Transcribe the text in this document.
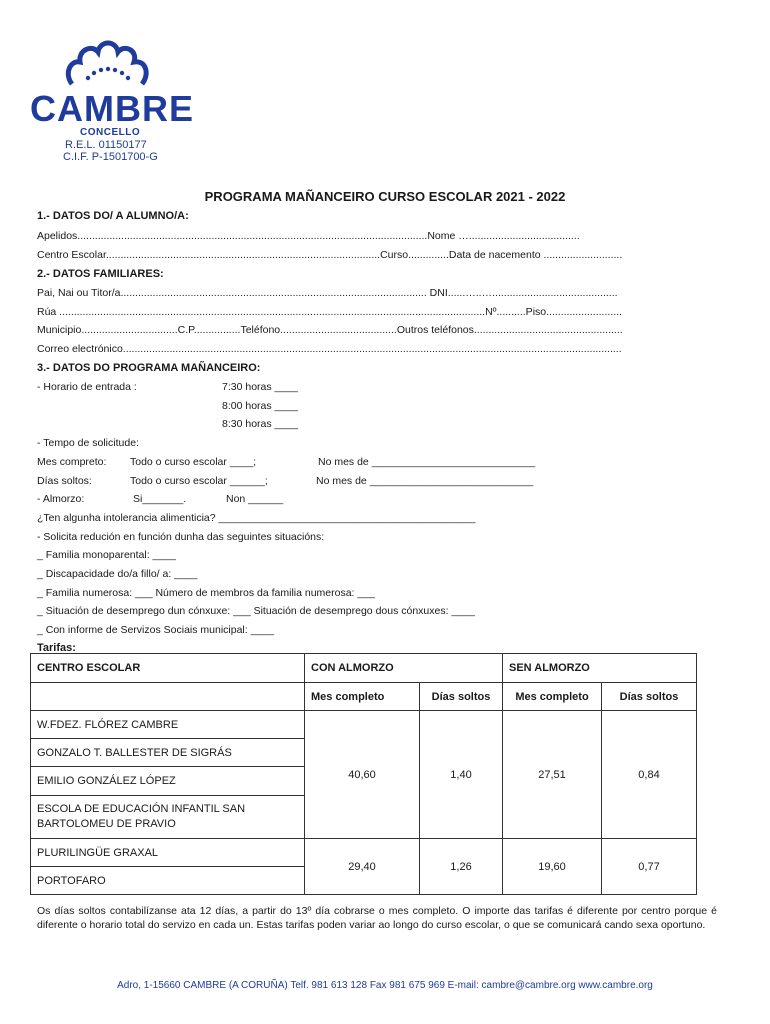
CAMBRE
CONCELLO
R.E.L. 01150177
C.I.F. P-1501700-G
PROGRAMA MAÑANCEIRO CURSO ESCOLAR 2021 - 2022
1.- DATOS DO/ A ALUMNO/A:
Apelidos........................................................................................................................Nome …......................................
Centro Escolar..............................................................................................Curso..............Data de nacemento ...........................
2.- DATOS FAMILIARES:
Pai, Nai ou Titor/a......................................................................................................... DNI......…..…...........................................
Rúa ..................................................................................................................................................Nº..........Piso..........................
Municipio.................................C.P................Teléfono........................................Outros teléfonos...................................................
Correo electrónico...........................................................................................................................................................................
3.- DATOS DO PROGRAMA MAÑANCEIRO:
- Horario de entrada :	7:30 horas ____
8:00 horas ____
8:30 horas ____
- Tempo de solicitude:
Mes compreto: Todo o curso escolar ____;	No mes de ____________________________
Días soltos:	Todo o curso escolar ______;	No mes de ____________________________
- Almorzo:	Si_______.	Non ______
¿Ten algunha intolerancia alimenticia? ____________________________________________
- Solicita redución en función dunha das seguintes situacións:
_ Familia monoparental: ____
_ Discapacidade do/a fillo/ a: ____
_ Familia numerosa: ___ Número de membros da familia numerosa: ___
_ Situación de desemprego dun cónxuxe: ___ Situación de desemprego dous cónxuxes: ____
_ Con informe de Servizos Sociais municipal: ____
Tarifas:
CENTRO ESCOLAR	CON ALMORZO		SEN ALMORZO	
	Mes completo	Días soltos	Mes completo	Días soltos
W.FDEZ. FLÓREZ CAMBRE	40,60	1,40	27,51	0,84
GONZALO T. BALLESTER DE SIGRÁS				
EMILIO GONZÁLEZ LÓPEZ				
ESCOLA DE EDUCACIÓN INFANTIL SAN BARTOLOMEU DE PRAVIO				
PLURILINGÜE GRAXAL	29,40	1,26	19,60	0,77
PORTOFARO				
Os días soltos contabilízanse ata 12 días, a partir do 13º día cobrarse o mes completo. O importe das tarifas é diferente por centro porque é diferente o horario total do servizo en cada un. Estas tarifas poden variar ao longo do curso escolar, o que se comunicará cando sexa oportuno.
Adro, 1-15660 CAMBRE (A CORUÑA) Telf. 981 613 128 Fax 981 675 969 E-mail: cambre@cambre.org www.cambre.org
